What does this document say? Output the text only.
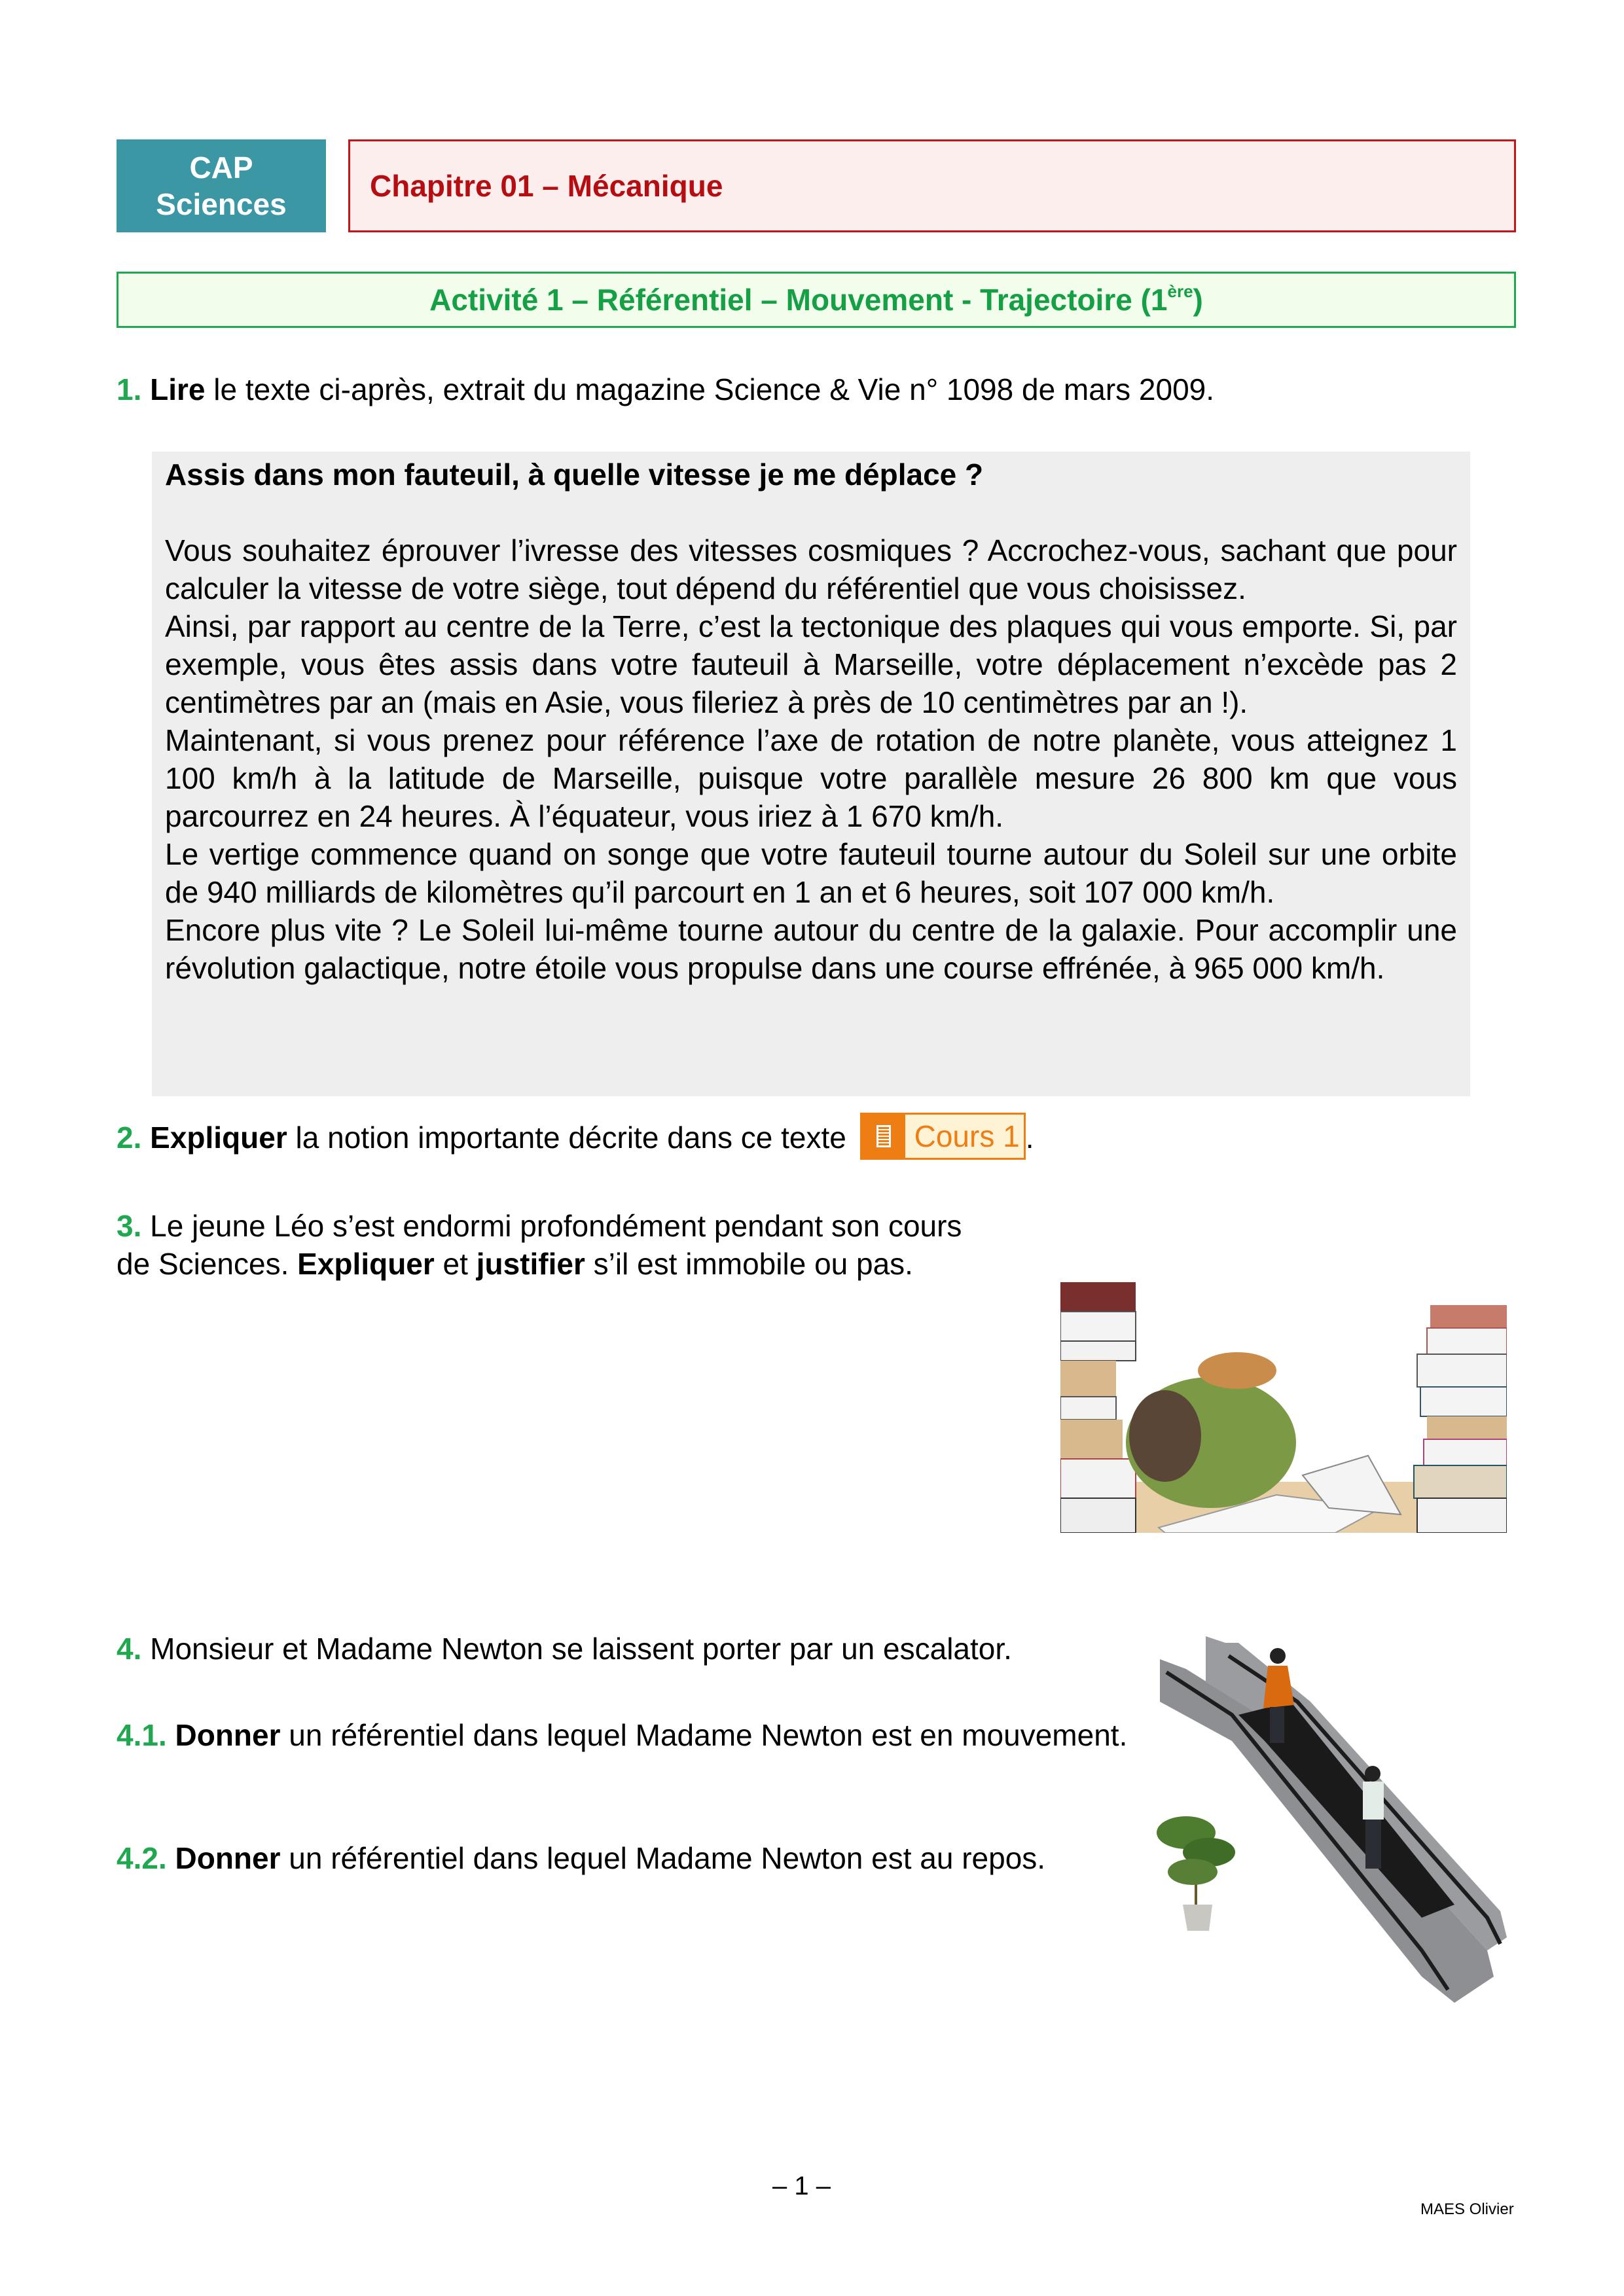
CAP
Sciences
Chapitre 01 – Mécanique
Activité 1 – Référentiel – Mouvement - Trajectoire (1ère)
1. Lire le texte ci-après, extrait du magazine Science & Vie n° 1098 de mars 2009.
Assis dans mon fauteuil, à quelle vitesse je me déplace ?

Vous souhaitez éprouver l’ivresse des vitesses cosmiques ? Accrochez-vous, sachant que pour calculer la vitesse de votre siège, tout dépend du référentiel que vous choisissez.

Ainsi, par rapport au centre de la Terre, c’est la tectonique des plaques qui vous emporte. Si, par exemple, vous êtes assis dans votre fauteuil à Marseille, votre déplacement n’excède pas 2 centimètres par an (mais en Asie, vous fileriez à près de 10 centimètres par an !).

Maintenant, si vous prenez pour référence l’axe de rotation de notre planète, vous atteignez 1 100 km/h à la latitude de Marseille, puisque votre parallèle mesure 26 800 km que vous parcourrez en 24 heures. À l’équateur, vous iriez à 1 670 km/h.

Le vertige commence quand on songe que votre fauteuil tourne autour du Soleil sur une orbite de 940 milliards de kilomètres qu’il parcourt en 1 an et 6 heures, soit 107 000 km/h.

Encore plus vite ? Le Soleil lui-même tourne autour du centre de la galaxie. Pour accomplir une révolution galactique, notre étoile vous propulse dans une course effrénée, à 965 000 km/h.

2. Expliquer la notion importante décrite dans ce texte	Cours 1 .
3. Le jeune Léo s’est endormi profondément pendant son cours
de Sciences. Expliquer et justifier s’il est immobile ou pas.
4. Monsieur et Madame Newton se laissent porter par un escalator.
4.1. Donner un référentiel dans lequel Madame Newton est en mouvement.
4.2. Donner un référentiel dans lequel Madame Newton est au repos.
– 1 –
MAES Olivier
